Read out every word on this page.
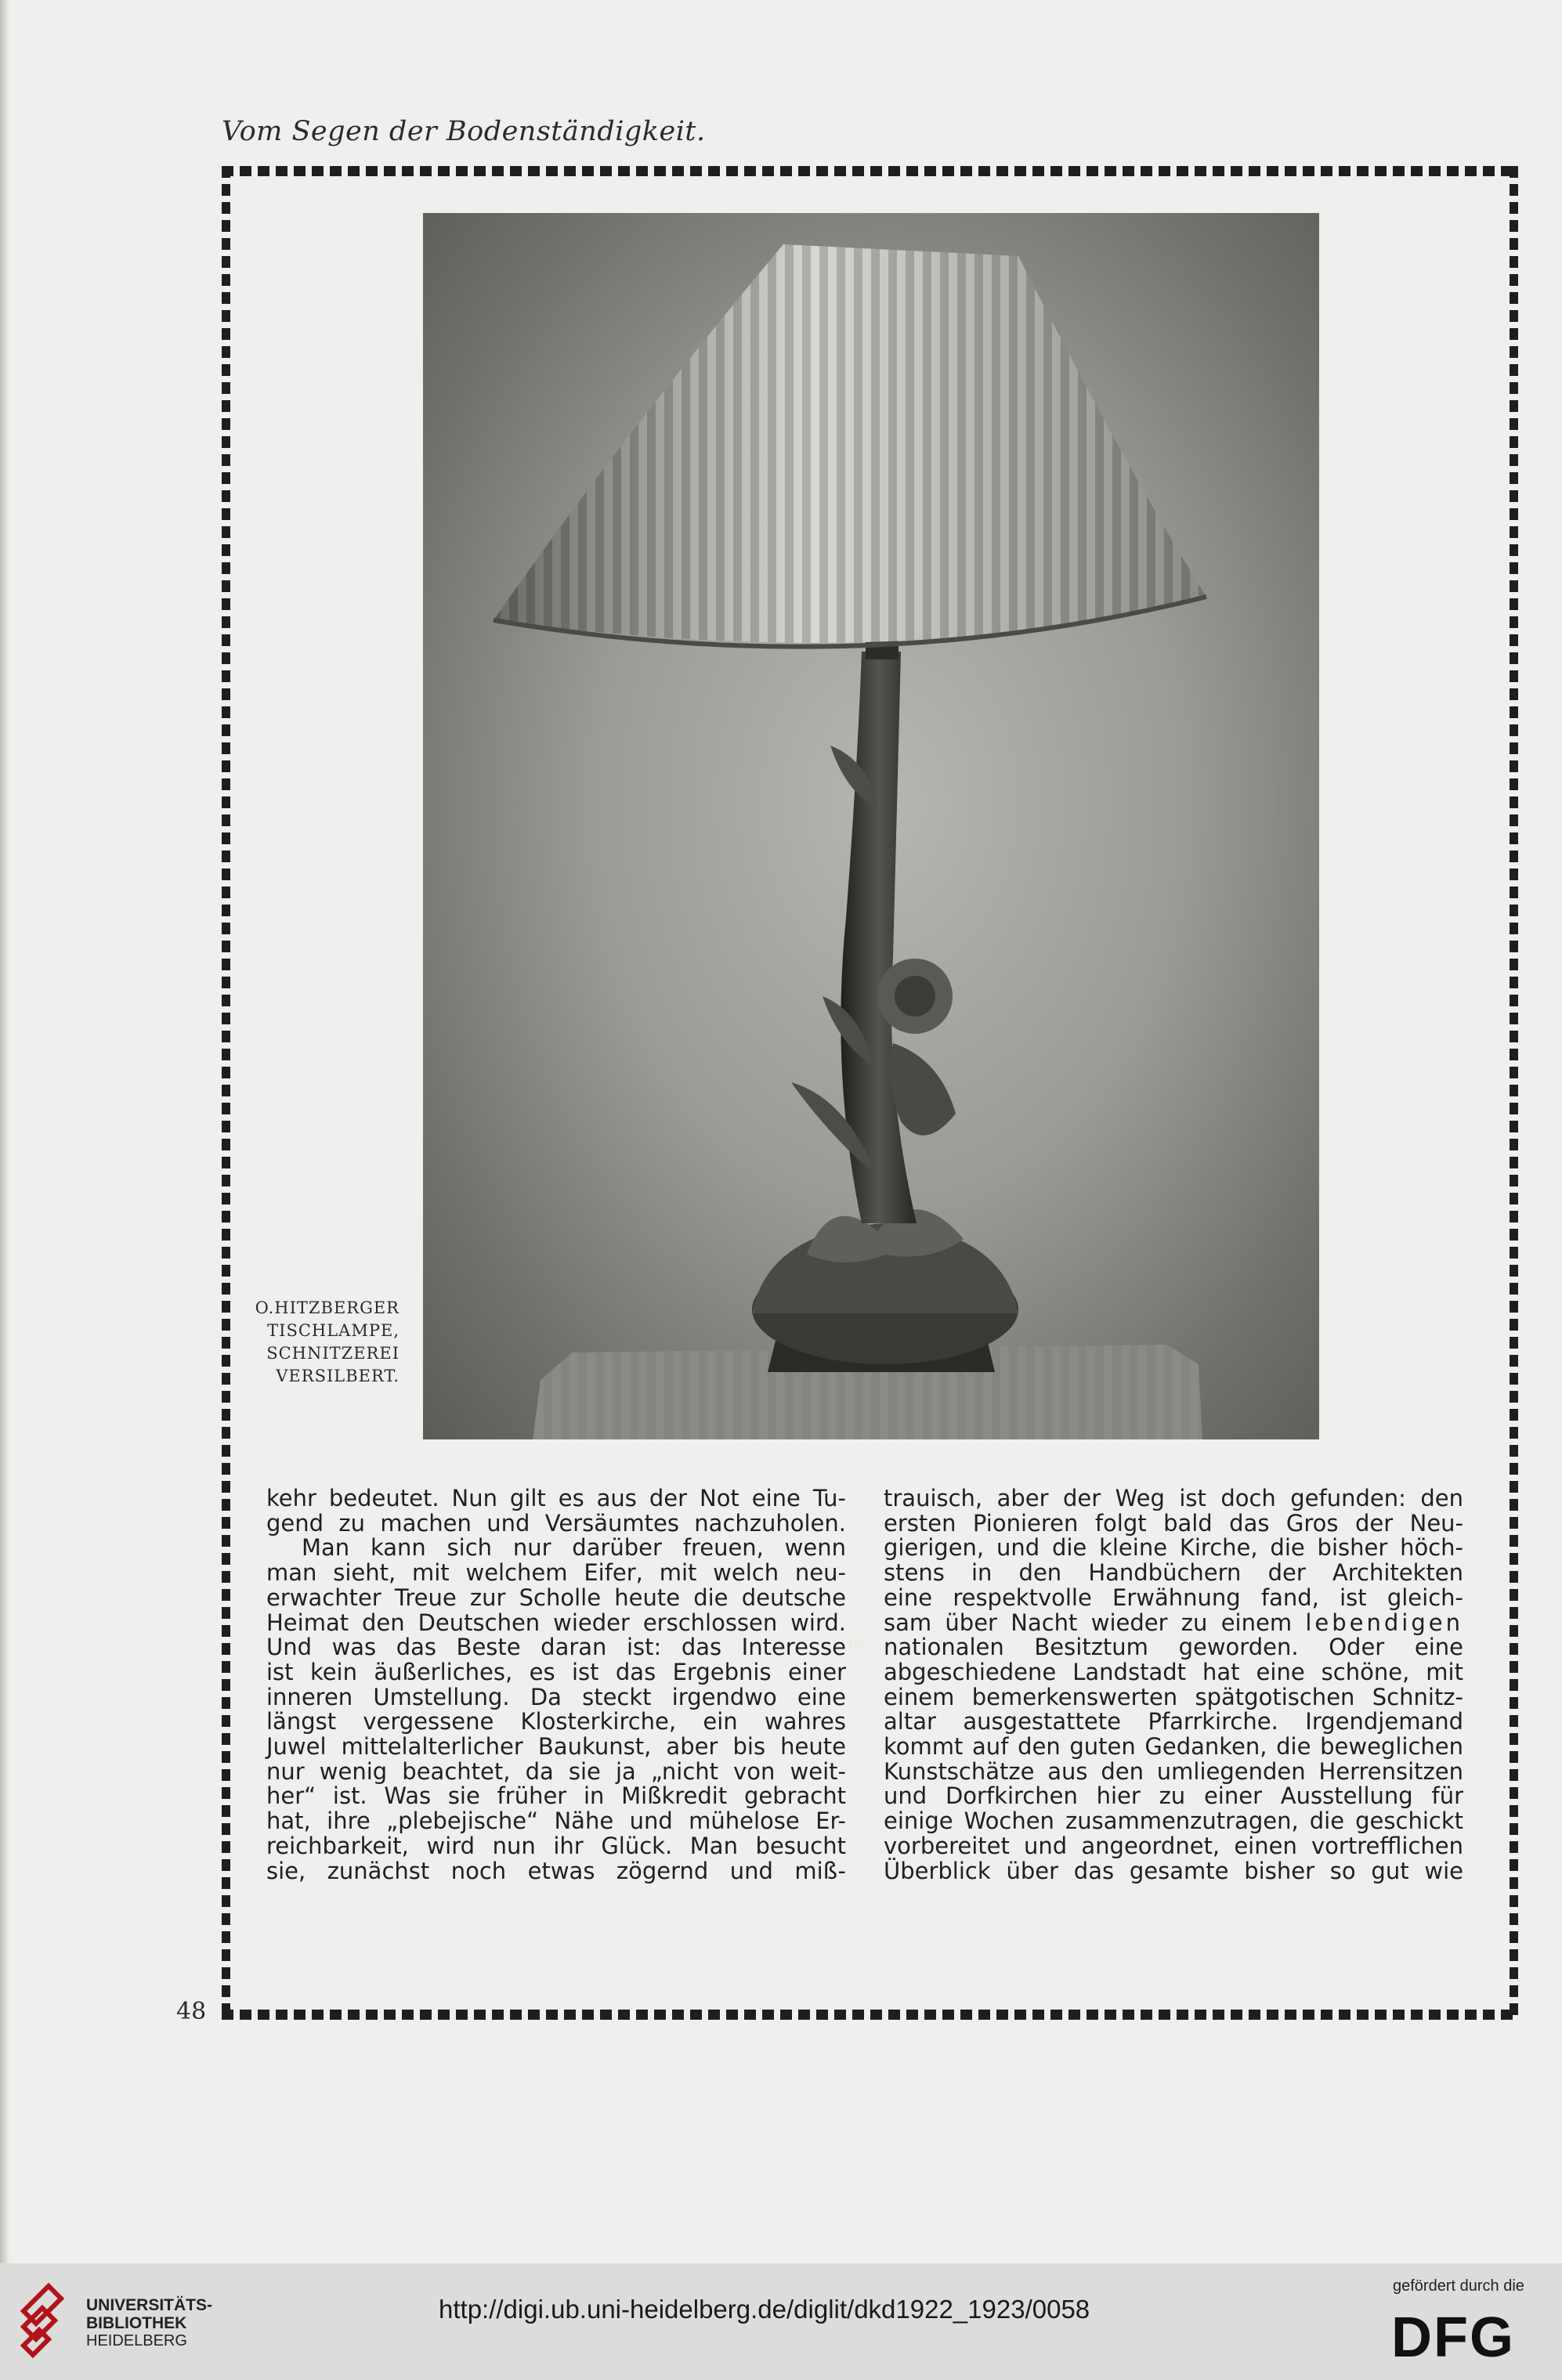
Vom Segen der Bodenständigkeit.
MR
O.HITZBERGER
TISCHLAMPE,
SCHNITZEREI
VERSILBERT.
kehr bedeutet. Nun gilt es aus der Not eine Tu-
gend zu machen und Versäumtes nachzuholen.
Man kann sich nur darüber freuen, wenn
man sieht, mit welchem Eifer, mit welch neu-
erwachter Treue zur Scholle heute die deutsche
Heimat den Deutschen wieder erschlossen wird.
Und was das Beste daran ist: das Interesse
ist kein äußerliches, es ist das Ergebnis einer
inneren Umstellung. Da steckt irgendwo eine
längst vergessene Klosterkirche, ein wahres
Juwel mittelalterlicher Baukunst, aber bis heute
nur wenig beachtet, da sie ja „nicht von weit-
her“ ist. Was sie früher in Mißkredit gebracht
hat, ihre „plebejische“ Nähe und mühelose Er-
reichbarkeit, wird nun ihr Glück. Man besucht
sie, zunächst noch etwas zögernd und miß-
trauisch, aber der Weg ist doch gefunden: den
ersten Pionieren folgt bald das Gros der Neu-
gierigen, und die kleine Kirche, die bisher höch-
stens in den Handbüchern der Architekten
eine respektvolle Erwähnung fand, ist gleich-
sam über Nacht wieder zu einem lebendigen
nationalen Besitztum geworden. Oder eine
abgeschiedene Landstadt hat eine schöne, mit
einem bemerkenswerten spätgotischen Schnitz-
altar ausgestattete Pfarrkirche. Irgendjemand
kommt auf den guten Gedanken, die beweglichen
Kunstschätze aus den umliegenden Herrensitzen
und Dorfkirchen hier zu einer Ausstellung für
einige Wochen zusammenzutragen, die geschickt
vorbereitet und angeordnet, einen vortrefflichen
Überblick über das gesamte bisher so gut wie
48
UNIVERSITÄTS-
BIBLIOTHEK
HEIDELBERG
http://digi.ub.uni-heidelberg.de/diglit/dkd1922_1923/0058
gefördert durch die
DFG
